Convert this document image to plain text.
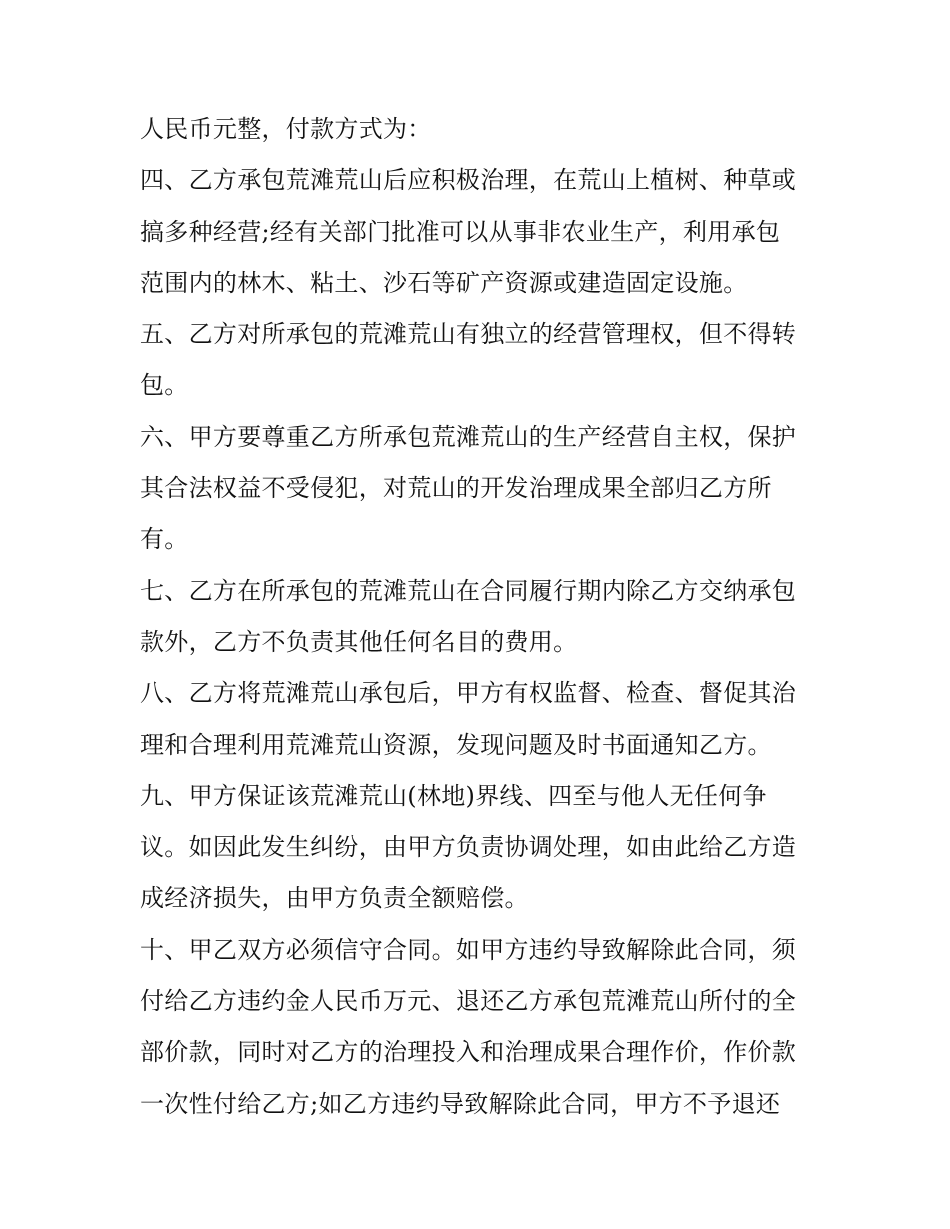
人民币元整，付款方式为：
四、乙方承包荒滩荒山后应积极治理，在荒山上植树、种草或
搞多种经营;经有关部门批准可以从事非农业生产，利用承包
范围内的林木、粘土、沙石等矿产资源或建造固定设施。
五、乙方对所承包的荒滩荒山有独立的经营管理权，但不得转
包。
六、甲方要尊重乙方所承包荒滩荒山的生产经营自主权，保护
其合法权益不受侵犯，对荒山的开发治理成果全部归乙方所
有。
七、乙方在所承包的荒滩荒山在合同履行期内除乙方交纳承包
款外，乙方不负责其他任何名目的费用。
八、乙方将荒滩荒山承包后，甲方有权监督、检查、督促其治
理和合理利用荒滩荒山资源，发现问题及时书面通知乙方。
九、甲方保证该荒滩荒山(林地)界线、四至与他人无任何争
议。如因此发生纠纷，由甲方负责协调处理，如由此给乙方造
成经济损失，由甲方负责全额赔偿。
十、甲乙双方必须信守合同。如甲方违约导致解除此合同，须
付给乙方违约金人民币万元、退还乙方承包荒滩荒山所付的全
部价款，同时对乙方的治理投入和治理成果合理作价，作价款
一次性付给乙方;如乙方违约导致解除此合同，甲方不予退还
